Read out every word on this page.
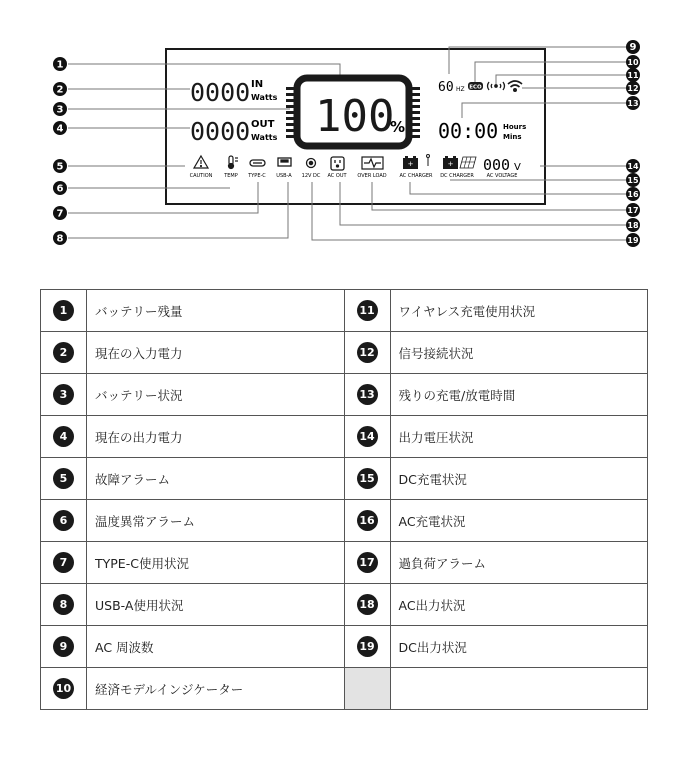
1
2
3
4
5
6
7
8
9
10
11
12
13
14
15
16
17
18
19
0000 IN
Watts
0000 OUT
Watts 100
%
60 HZ ECO
00:00 Hours
Mins
CAUTION TEMP TYPE-C USB-A 12V DC AC OUT OVER LOAD
+
AC CHARGER
+
DC CHARGER
000 V
AC VOLTAGE
1	バッテリー残量	11	ワイヤレス充電使用状況
2	現在の入力電力	12	信号接続状況
3	バッテリー状況	13	残りの充電/放電時間
4	現在の出力電力	14	出力電圧状況
5	故障アラーム	15	DC充電状況
6	温度異常アラーム	16	AC充電状況
7	TYPE-C使用状況	17	過負荷アラーム
8	USB-A使用状況	18	AC出力状況
9	AC 周波数	19	DC出力状況
10	経済モデルインジケーター		
